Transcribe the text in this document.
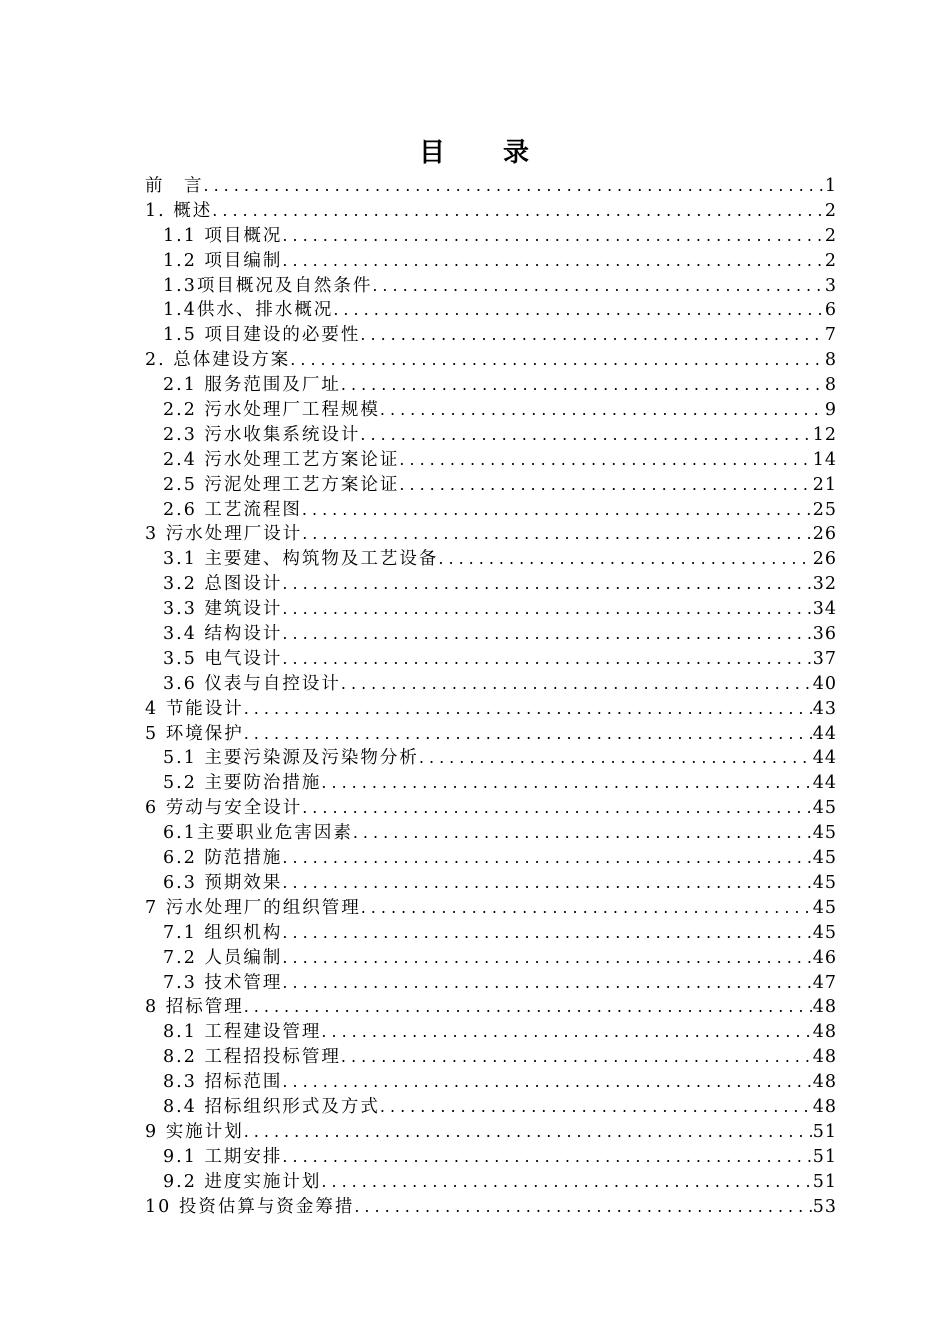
目　　录
前　言 .....	1
1. 概述 .....	2
1.1 项目概况 .....	2
1.2 项目编制 .....	2
1.3项目概况及自然条件 .....	3
1.4供水、排水概况 .....	6
1.5 项目建设的必要性 .....	7
2. 总体建设方案 .....	8
2.1 服务范围及厂址 .....	8
2.2 污水处理厂工程规模 .....	9
2.3 污水收集系统设计 .....	12
2.4 污水处理工艺方案论证 .....	14
2.5 污泥处理工艺方案论证 .....	21
2.6 工艺流程图 .....	25
3 污水处理厂设计 .....	26
3.1 主要建、构筑物及工艺设备 .....	26
3.2 总图设计 .....	32
3.3 建筑设计 .....	34
3.4 结构设计 .....	36
3.5 电气设计 .....	37
3.6 仪表与自控设计 .....	40
4 节能设计 .....	43
5 环境保护 .....	44
5.1 主要污染源及污染物分析 .....	44
5.2 主要防治措施 .....	44
6 劳动与安全设计 .....	45
6.1主要职业危害因素 .....	45
6.2 防范措施 .....	45
6.3 预期效果 .....	45
7 污水处理厂的组织管理 .....	45
7.1 组织机构 .....	45
7.2 人员编制 .....	46
7.3 技术管理 .....	47
8 招标管理 .....	48
8.1 工程建设管理 .....	48
8.2 工程招投标管理 .....	48
8.3 招标范围 .....	48
8.4 招标组织形式及方式 .....	48
9 实施计划 .....	51
9.1 工期安排 .....	51
9.2 进度实施计划 .....	51
10 投资估算与资金筹措 .....	53
